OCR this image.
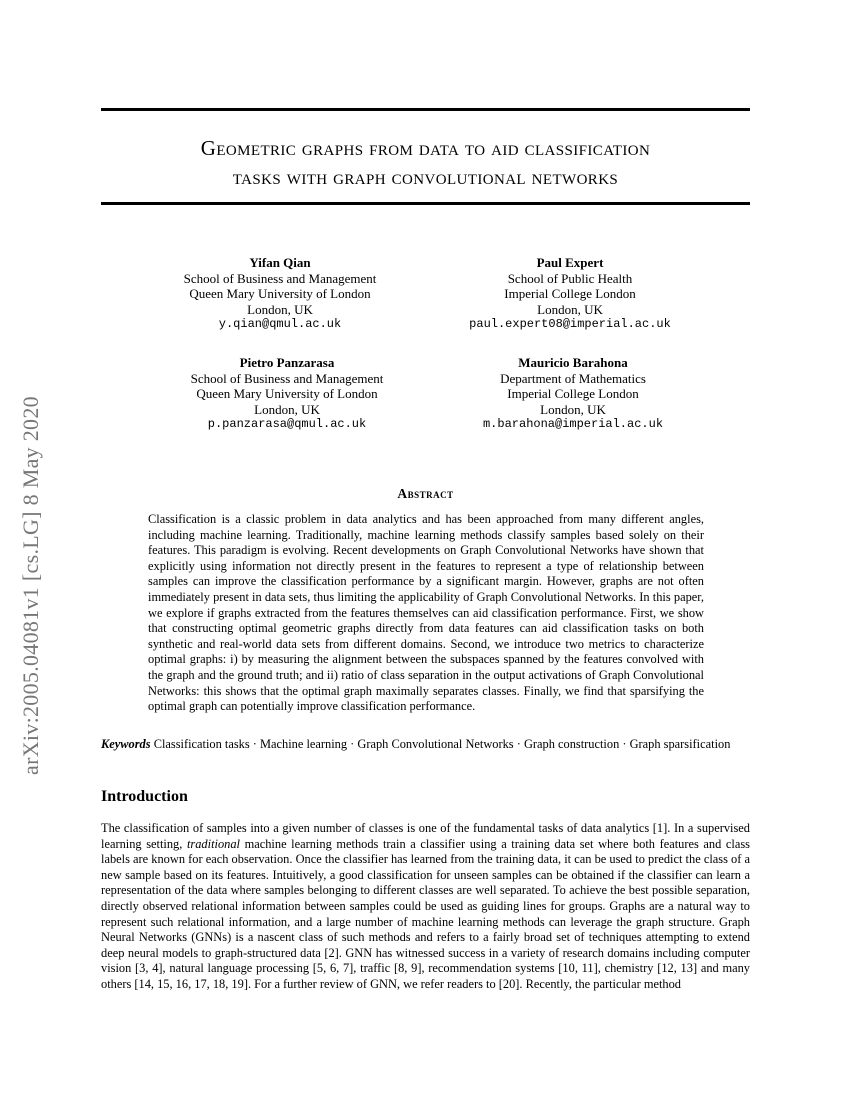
arXiv:2005.04081v1 [cs.LG] 8 May 2020
Geometric graphs from data to aid classification
tasks with graph convolutional networks
Yifan Qian
School of Business and Management
Queen Mary University of London
London, UK
y.qian@qmul.ac.uk
Paul Expert
School of Public Health
Imperial College London
London, UK
paul.expert08@imperial.ac.uk
Pietro Panzarasa
School of Business and Management
Queen Mary University of London
London, UK
p.panzarasa@qmul.ac.uk
Mauricio Barahona
Department of Mathematics
Imperial College London
London, UK
m.barahona@imperial.ac.uk
Abstract
Classification is a classic problem in data analytics and has been approached from many different angles, including machine learning. Traditionally, machine learning methods classify samples based solely on their features. This paradigm is evolving. Recent developments on Graph Convolutional Networks have shown that explicitly using information not directly present in the features to represent a type of relationship between samples can improve the classification performance by a significant margin. However, graphs are not often immediately present in data sets, thus limiting the applicability of Graph Convolutional Networks. In this paper, we explore if graphs extracted from the features themselves can aid classification performance. First, we show that constructing optimal geometric graphs directly from data features can aid classification tasks on both synthetic and real-world data sets from different domains. Second, we introduce two metrics to characterize optimal graphs: i) by measuring the alignment between the subspaces spanned by the features convolved with the graph and the ground truth; and ii) ratio of class separation in the output activations of Graph Convolutional Networks: this shows that the optimal graph maximally separates classes. Finally, we find that sparsifying the optimal graph can potentially improve classification performance.
Keywords Classification tasks · Machine learning · Graph Convolutional Networks · Graph construction · Graph sparsification
Introduction
The classification of samples into a given number of classes is one of the fundamental tasks of data analytics [1]. In a supervised learning setting, traditional machine learning methods train a classifier using a training data set where both features and class labels are known for each observation. Once the classifier has learned from the training data, it can be used to predict the class of a new sample based on its features. Intuitively, a good classification for unseen samples can be obtained if the classifier can learn a representation of the data where samples belonging to different classes are well separated. To achieve the best possible separation, directly observed relational information between samples could be used as guiding lines for groups. Graphs are a natural way to represent such relational information, and a large number of machine learning methods can leverage the graph structure. Graph Neural Networks (GNNs) is a nascent class of such methods and refers to a fairly broad set of techniques attempting to extend deep neural models to graph-structured data [2]. GNN has witnessed success in a variety of research domains including computer vision [3, 4], natural language processing [5, 6, 7], traffic [8, 9], recommendation systems [10, 11], chemistry [12, 13] and many others [14, 15, 16, 17, 18, 19]. For a further review of GNN, we refer readers to [20]. Recently, the particular method
